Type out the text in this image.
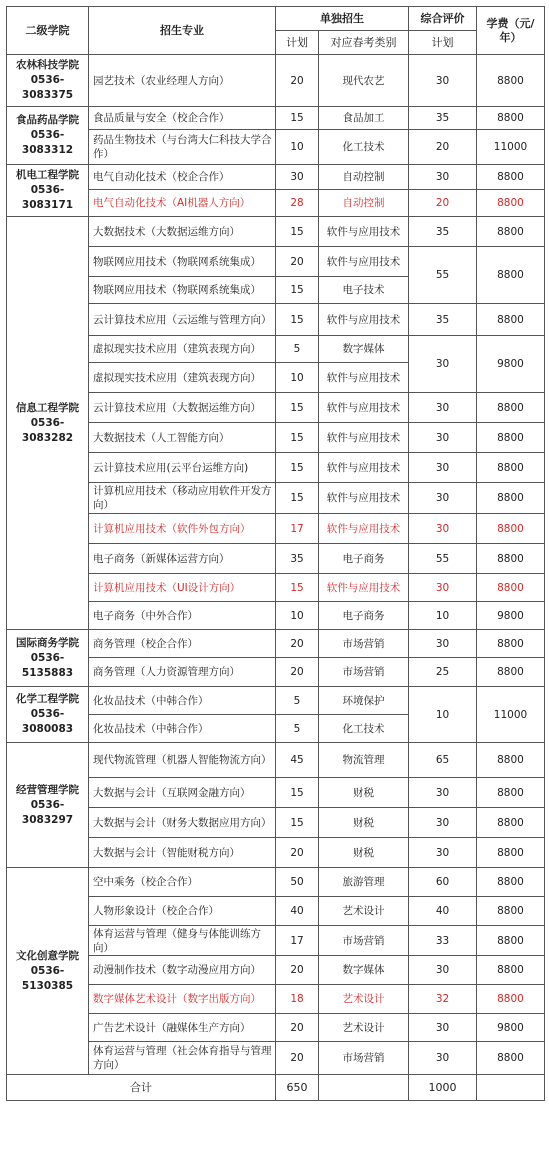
二级学院	招生专业	单独招生		综合评价	学费（元/年）
		计划	对应春考类别	计划	

农林科技学院
0536-3083375	园艺技术（农业经理人方向）	20	现代农艺	30	8800

食品药品学院
0536-3083312	食品质量与安全（校企合作）	15	食品加工	35	8800
	药品生物技术（与台湾大仁科技大学合作）	10	化工技术	20	11000

机电工程学院
0536-3083171	电气自动化技术（校企合作）	30	自动控制	30	8800
	电气自动化技术（AI机器人方向）	28	自动控制	20	8800

信息工程学院
0536-3083282	大数据技术（大数据运维方向）	15	软件与应用技术	35	8800
	物联网应用技术（物联网系统集成）	20	软件与应用技术	55	8800
	物联网应用技术（物联网系统集成）	15	电子技术		
	云计算技术应用（云运维与管理方向）	15	软件与应用技术	35	8800
	虚拟现实技术应用（建筑表现方向）	5	数字媒体	30	9800
	虚拟现实技术应用（建筑表现方向）	10	软件与应用技术		
	云计算技术应用（大数据运维方向）	15	软件与应用技术	30	8800
	大数据技术（人工智能方向）	15	软件与应用技术	30	8800
	云计算技术应用(云平台运维方向)	15	软件与应用技术	30	8800
	计算机应用技术（移动应用软件开发方向）	15	软件与应用技术	30	8800
	计算机应用技术（软件外包方向）	17	软件与应用技术	30	8800
	电子商务（新媒体运营方向）	35	电子商务	55	8800
	计算机应用技术（UI设计方向）	15	软件与应用技术	30	8800
	电子商务（中外合作）	10	电子商务	10	9800

国际商务学院
0536-5135883	商务管理（校企合作）	20	市场营销	30	8800
	商务管理（人力资源管理方向）	20	市场营销	25	8800

化学工程学院
0536-3080083	化妆品技术（中韩合作）	5	环境保护	10	11000
	化妆品技术（中韩合作）	5	化工技术		

经营管理学院
0536-3083297	现代物流管理（机器人智能物流方向）	45	物流管理	65	8800
	大数据与会计（互联网金融方向）	15	财税	30	8800
	大数据与会计（财务大数据应用方向）	15	财税	30	8800
	大数据与会计（智能财税方向）	20	财税	30	8800

文化创意学院
0536-5130385	空中乘务（校企合作）	50	旅游管理	60	8800
	人物形象设计（校企合作）	40	艺术设计	40	8800
	体育运营与管理（健身与体能训练方向）	17	市场营销	33	8800
	动漫制作技术（数字动漫应用方向）	20	数字媒体	30	8800
	数字媒体艺术设计（数字出版方向）	18	艺术设计	32	8800
	广告艺术设计（融媒体生产方向）	20	艺术设计	30	9800
	体育运营与管理（社会体育指导与管理方向）	20	市场营销	30	8800
合计		650		1000	
